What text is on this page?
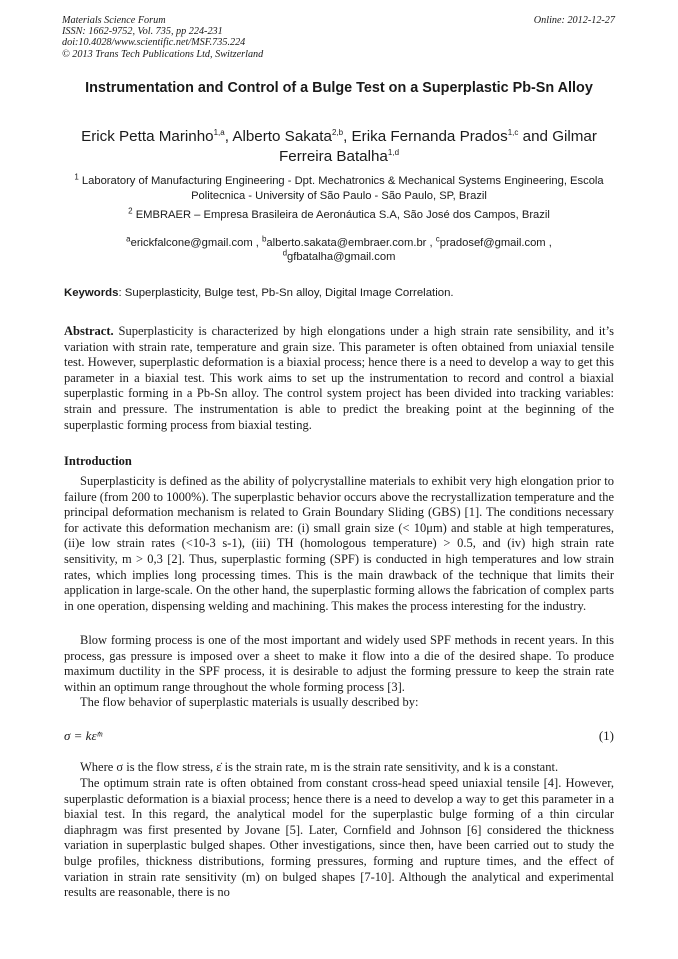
Materials Science Forum
ISSN: 1662-9752, Vol. 735, pp 224-231
doi:10.4028/www.scientific.net/MSF.735.224
© 2013 Trans Tech Publications Ltd, Switzerland
Online: 2012-12-27
Instrumentation and Control of a Bulge Test on a Superplastic Pb-Sn Alloy
Erick Petta Marinho$^{1,a}$, Alberto Sakata$^{2,b}$, Erika Fernanda Prados$^{1,c}$ and Gilmar Ferreira Batalha$^{1,d}$
$^1$ Laboratory of Manufacturing Engineering - Dpt. Mechatronics & Mechanical Systems Engineering, Escola Politecnica - University of São Paulo - São Paulo, SP, Brazil
$^2$ EMBRAER – Empresa Brasileira de Aeronáutica S.A, São José dos Campos, Brazil
$^a$erickfalcone@gmail.com , $^b$alberto.sakata@embraer.com.br , $^c$pradosef@gmail.com ,
$^d$gfbatalha@gmail.com
Keywords: Superplasticity, Bulge test, Pb-Sn alloy, Digital Image Correlation.
Abstract. Superplasticity is characterized by high elongations under a high strain rate sensibility, and it’s variation with strain rate, temperature and grain size. This parameter is often obtained from uniaxial tensile test. However, superplastic deformation is a biaxial process; hence there is a need to develop a way to get this parameter in a biaxial test. This work aims to set up the instrumentation to record and control a biaxial superplastic forming in a Pb-Sn alloy. The control system project has been divided into tracking variables: strain and pressure. The instrumentation is able to predict the breaking point at the beginning of the superplastic forming process from biaxial testing.
Introduction
Superplasticity is defined as the ability of polycrystalline materials to exhibit very high elongation prior to failure (from 200 to 1000%). The superplastic behavior occurs above the recrystallization temperature and the principal deformation mechanism is related to Grain Boundary Sliding (GBS) [1]. The conditions necessary for activate this deformation mechanism are: (i) small grain size (< 10μm) and stable at high temperatures, (ii)e low strain rates (<10-3 s-1), (iii) TH (homologous temperature) > 0.5, and (iv) high strain rate sensitivity, m > 0,3 [2]. Thus, superplastic forming (SPF) is conducted in high temperatures and low strain rates, which implies long processing times. This is the main drawback of the technique that limits their application in large-scale. On the other hand, the superplastic forming allows the fabrication of complex parts in one operation, dispensing welding and machining. This makes the process interesting for the industry.
Blow forming process is one of the most important and widely used SPF methods in recent years. In this process, gas pressure is imposed over a sheet to make it flow into a die of the desired shape. To produce maximum ductility in the SPF process, it is desirable to adjust the forming pressure to keep the strain rate within an optimum range throughout the whole forming process [3].
The flow behavior of superplastic materials is usually described by:
σ = kε̇ᵐ	(1)
Where σ is the flow stress, ε̇ is the strain rate, m is the strain rate sensitivity, and k is a constant.
The optimum strain rate is often obtained from constant cross-head speed uniaxial tensile [4]. However, superplastic deformation is a biaxial process; hence there is a need to develop a way to get this parameter in a biaxial test. In this regard, the analytical model for the superplastic bulge forming of a thin circular diaphragm was first presented by Jovane [5]. Later, Cornfield and Johnson [6] considered the thickness variation in superplastic bulged shapes. Other investigations, since then, have been carried out to study the bulge profiles, thickness distributions, forming pressures, forming and rupture times, and the effect of variation in strain rate sensitivity (m) on bulged shapes [7-10]. Although the analytical and experimental results are reasonable, there is no
